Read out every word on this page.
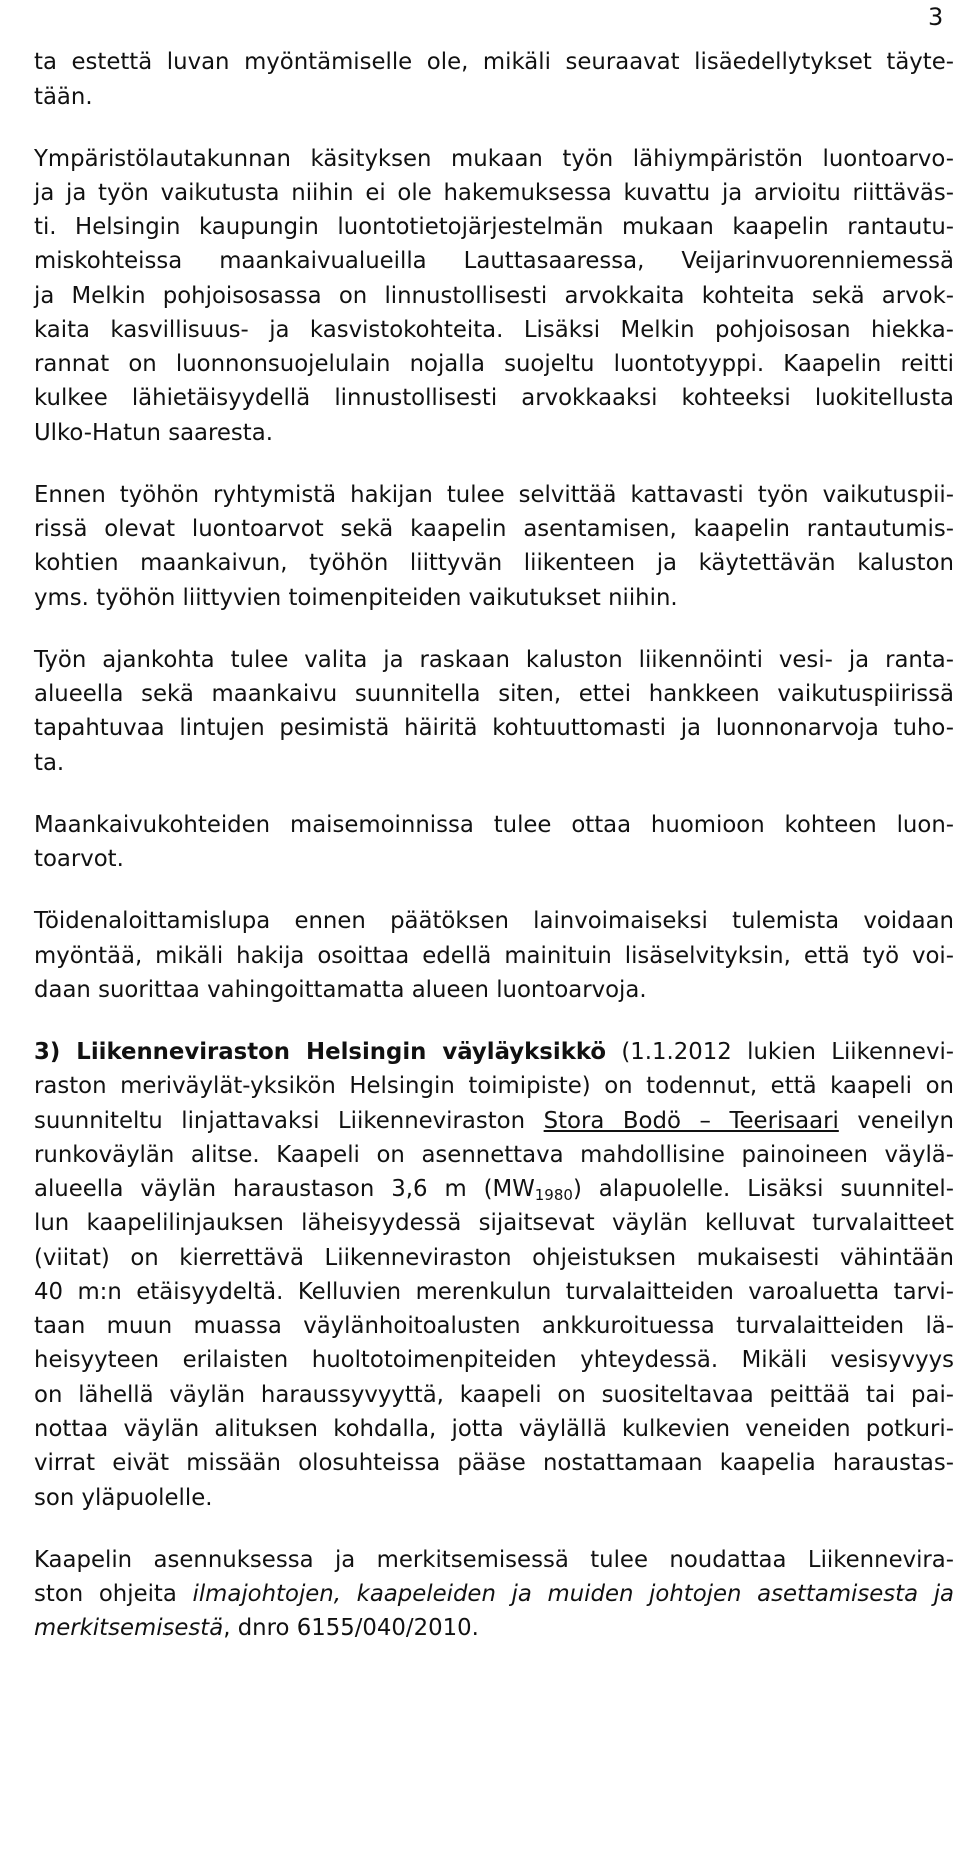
3
ta estettä luvan myöntämiselle ole, mikäli seuraavat lisäedellytykset täyte-
tään.
Ympäristölautakunnan käsityksen mukaan työn lähiympäristön luontoarvo-
ja ja työn vaikutusta niihin ei ole hakemuksessa kuvattu ja arvioitu riittäväs-
ti. Helsingin kaupungin luontotietojärjestelmän mukaan kaapelin rantautu-
miskohteissa maankaivualueilla Lauttasaaressa, Veijarinvuorenniemessä
ja Melkin pohjoisosassa on linnustollisesti arvokkaita kohteita sekä arvok-
kaita kasvillisuus- ja kasvistokohteita. Lisäksi Melkin pohjoisosan hiekka-
rannat on luonnonsuojelulain nojalla suojeltu luontotyyppi. Kaapelin reitti
kulkee lähietäisyydellä linnustollisesti arvokkaaksi kohteeksi luokitellusta
Ulko-Hatun saaresta.
Ennen työhön ryhtymistä hakijan tulee selvittää kattavasti työn vaikutuspii-
rissä olevat luontoarvot sekä kaapelin asentamisen, kaapelin rantautumis-
kohtien maankaivun, työhön liittyvän liikenteen ja käytettävän kaluston
yms. työhön liittyvien toimenpiteiden vaikutukset niihin.
Työn ajankohta tulee valita ja raskaan kaluston liikennöinti vesi- ja ranta-
alueella sekä maankaivu suunnitella siten, ettei hankkeen vaikutuspiirissä
tapahtuvaa lintujen pesimistä häiritä kohtuuttomasti ja luonnonarvoja tuho-
ta.
Maankaivukohteiden maisemoinnissa tulee ottaa huomioon kohteen luon-
toarvot.
Töidenaloittamislupa ennen päätöksen lainvoimaiseksi tulemista voidaan
myöntää, mikäli hakija osoittaa edellä mainituin lisäselvityksin, että työ voi-
daan suorittaa vahingoittamatta alueen luontoarvoja.
3) Liikenneviraston Helsingin väyläyksikkö (1.1.2012 lukien Liikennevi-
raston meriväylät-yksikön Helsingin toimipiste) on todennut, että kaapeli on
suunniteltu linjattavaksi Liikenneviraston Stora Bodö – Teerisaari veneilyn
runkoväylän alitse. Kaapeli on asennettava mahdollisine painoineen väylä-
alueella väylän haraustason 3,6 m $(MW_{1980})$ alapuolelle. Lisäksi suunnitel-
lun kaapelilinjauksen läheisyydessä sijaitsevat väylän kelluvat turvalaitteet
(viitat) on kierrettävä Liikenneviraston ohjeistuksen mukaisesti vähintään
40 m:n etäisyydeltä. Kelluvien merenkulun turvalaitteiden varoaluetta tarvi-
taan muun muassa väylänhoitoalusten ankkuroituessa turvalaitteiden lä-
heisyyteen erilaisten huoltotoimenpiteiden yhteydessä. Mikäli vesisyvyys
on lähellä väylän haraussyvyyttä, kaapeli on suositeltavaa peittää tai pai-
nottaa väylän alituksen kohdalla, jotta väylällä kulkevien veneiden potkuri-
virrat eivät missään olosuhteissa pääse nostattamaan kaapelia haraustas-
son yläpuolelle.
Kaapelin asennuksessa ja merkitsemisessä tulee noudattaa Liikennevira-
ston ohjeita ilmajohtojen, kaapeleiden ja muiden johtojen asettamisesta ja
merkitsemisestä, dnro 6155/040/2010.
